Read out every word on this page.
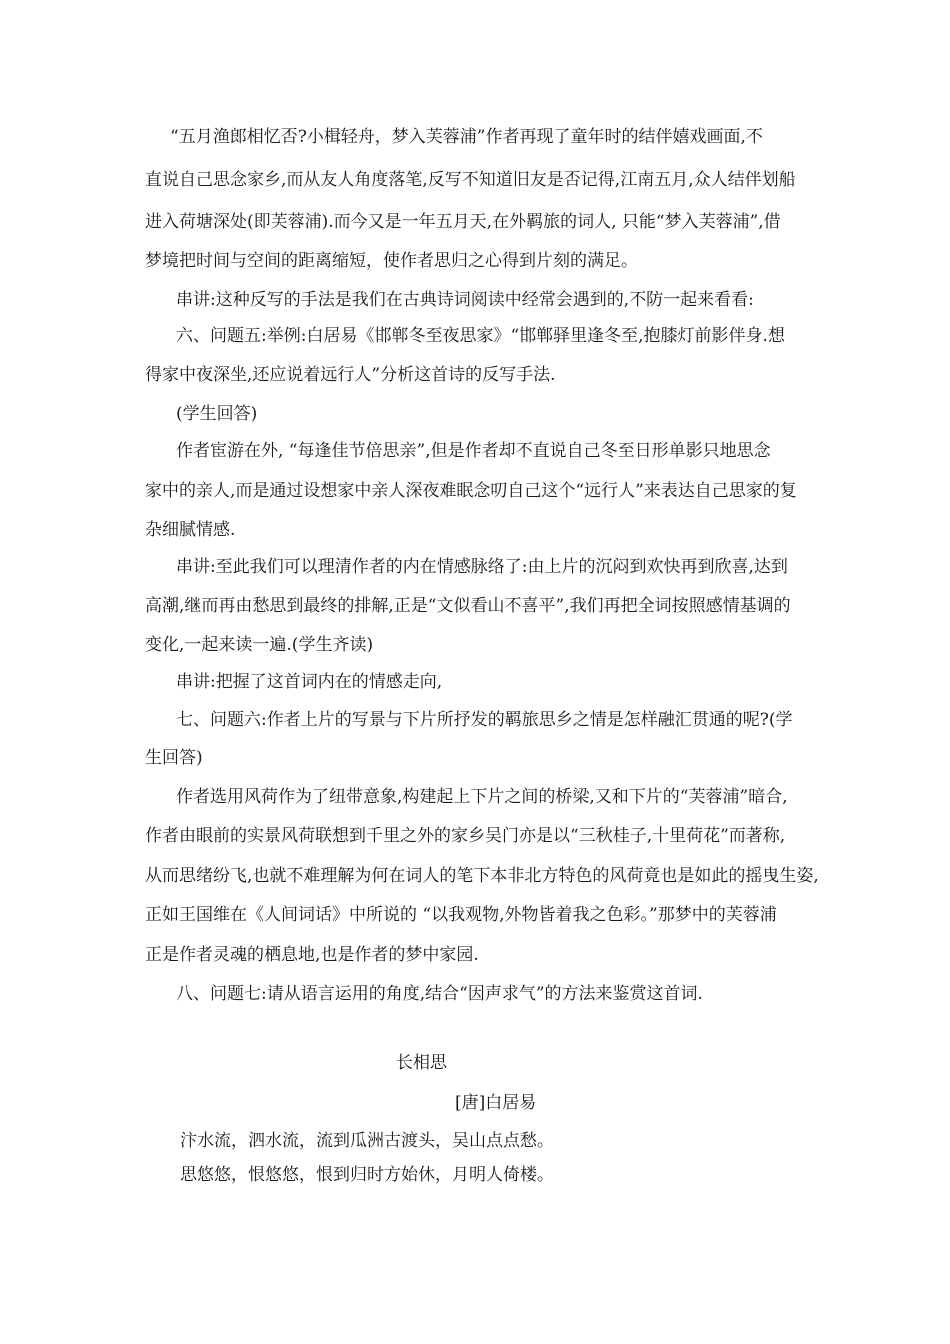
“五月渔郎相忆否?小楫轻舟，梦入芙蓉浦”作者再现了童年时的结伴嬉戏画面,不
直说自己思念家乡,而从友人角度落笔,反写不知道旧友是否记得,江南五月,众人结伴划船
进入荷塘深处(即芙蓉浦).而今又是一年五月天,在外羁旅的词人, 只能“梦入芙蓉浦”,借
梦境把时间与空间的距离缩短，使作者思归之心得到片刻的满足。
串讲:这种反写的手法是我们在古典诗词阅读中经常会遇到的,不防一起来看看:
六、问题五:举例:白居易《邯郸冬至夜思家》“邯郸驿里逢冬至,抱膝灯前影伴身.想
得家中夜深坐,还应说着远行人”分析这首诗的反写手法.
(学生回答)
作者宦游在外, “每逢佳节倍思亲”,但是作者却不直说自己冬至日形单影只地思念
家中的亲人,而是通过设想家中亲人深夜难眠念叨自己这个“远行人”来表达自己思家的复
杂细腻情感.
串讲:至此我们可以理清作者的内在情感脉络了:由上片的沉闷到欢快再到欣喜,达到
高潮,继而再由愁思到最终的排解,正是“文似看山不喜平”,我们再把全词按照感情基调的
变化,一起来读一遍.(学生齐读)
串讲:把握了这首词内在的情感走向,
七、问题六:作者上片的写景与下片所抒发的羁旅思乡之情是怎样融汇贯通的呢?(学
生回答)
作者选用风荷作为了纽带意象,构建起上下片之间的桥梁,又和下片的“芙蓉浦”暗合,
作者由眼前的实景风荷联想到千里之外的家乡吴门亦是以“三秋桂子,十里荷花”而著称,
从而思绪纷飞,也就不难理解为何在词人的笔下本非北方特色的风荷竟也是如此的摇曳生姿,
正如王国维在《人间词话》中所说的 “以我观物,外物皆着我之色彩。”那梦中的芙蓉浦
正是作者灵魂的栖息地,也是作者的梦中家园.
八、问题七:请从语言运用的角度,结合“因声求气”的方法来鉴赏这首词.
长相思
[唐]白居易
汴水流，泗水流，流到瓜洲古渡头，吴山点点愁。
思悠悠，恨悠悠，恨到归时方始休，月明人倚楼。
